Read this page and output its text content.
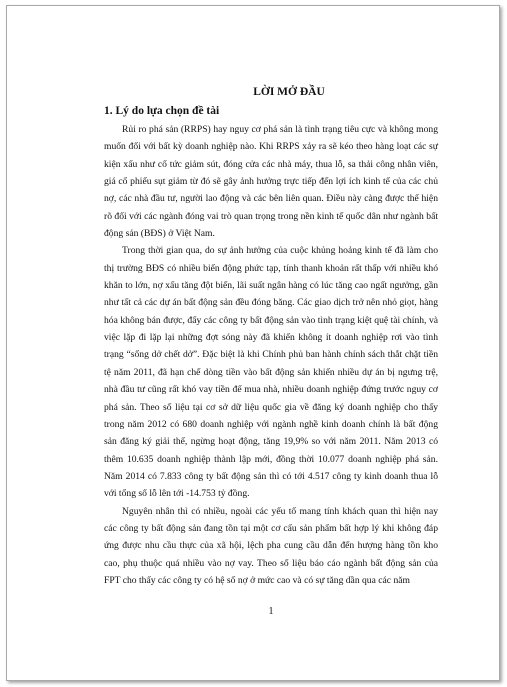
LỜI MỞ ĐẦU
1. Lý do lựa chọn đề tài

Rủi ro phá sản (RRPS) hay nguy cơ phá sản là tình trạng tiêu cực và không mong muốn đối với bất kỳ doanh nghiệp nào. Khi RRPS xảy ra sẽ kéo theo hàng loạt các sự kiện xấu như cổ tức giảm sút, đóng cửa các nhà máy, thua lỗ, sa thải công nhân viên, giá cổ phiếu sụt giảm từ đó sẽ gây ảnh hưởng trực tiếp đến lợi ích kinh tế của các chủ nợ, các nhà đầu tư, người lao động và các bên liên quan. Điều này càng được thể hiện rõ đối với các ngành đóng vai trò quan trọng trong nền kinh tế quốc dân như ngành bất động sản (BĐS) ở Việt Nam.

Trong thời gian qua, do sự ảnh hưởng của cuộc khủng hoảng kinh tế đã làm cho thị trường BĐS có nhiều biến động phức tạp, tính thanh khoản rất thấp với nhiều khó khăn to lớn, nợ xấu tăng đột biến, lãi suất ngân hàng có lúc tăng cao ngất ngưởng, gần như tất cả các dự án bất động sản đều đóng băng. Các giao dịch trở nên nhỏ giọt, hàng hóa không bán được, đẩy các công ty bất động sản vào tình trạng kiệt quệ tài chính, và việc lặp đi lặp lại những đợt sóng này đã khiến không ít doanh nghiệp rơi vào tình trạng “sống dở chết dở”. Đặc biệt là khi Chính phủ ban hành chính sách thắt chặt tiền tệ năm 2011, đã hạn chế dòng tiền vào bất động sản khiến nhiều dự án bị ngưng trệ, nhà đầu tư cũng rất khó vay tiền để mua nhà, nhiều doanh nghiệp đứng trước nguy cơ phá sản. Theo số liệu tại cơ sở dữ liệu quốc gia về đăng ký doanh nghiệp cho thấy trong năm 2012 có 680 doanh nghiệp với ngành nghề kinh doanh chính là bất động sản đăng ký giải thể, ngừng hoạt động, tăng 19,9% so với năm 2011. Năm 2013 có thêm 10.635 doanh nghiệp thành lập mới, đồng thời 10.077 doanh nghiệp phá sản. Năm 2014 có 7.833 công ty bất động sản thì có tới 4.517 công ty kinh doanh thua lỗ với tổng số lỗ lên tới -14.753 tỷ đồng.

Nguyên nhân thì có nhiều, ngoài các yếu tố mang tính khách quan thì hiện nay các công ty bất động sản đang tồn tại một cơ cấu sản phẩm bất hợp lý khi không đáp ứng được nhu cầu thực của xã hội, lệch pha cung cầu dẫn đến hượng hàng tồn kho cao, phụ thuộc quá nhiều vào nợ vay. Theo số liệu báo cáo ngành bất động sản của FPT cho thấy các công ty có hệ số nợ ở mức cao và có sự tăng dần qua các năm

1
